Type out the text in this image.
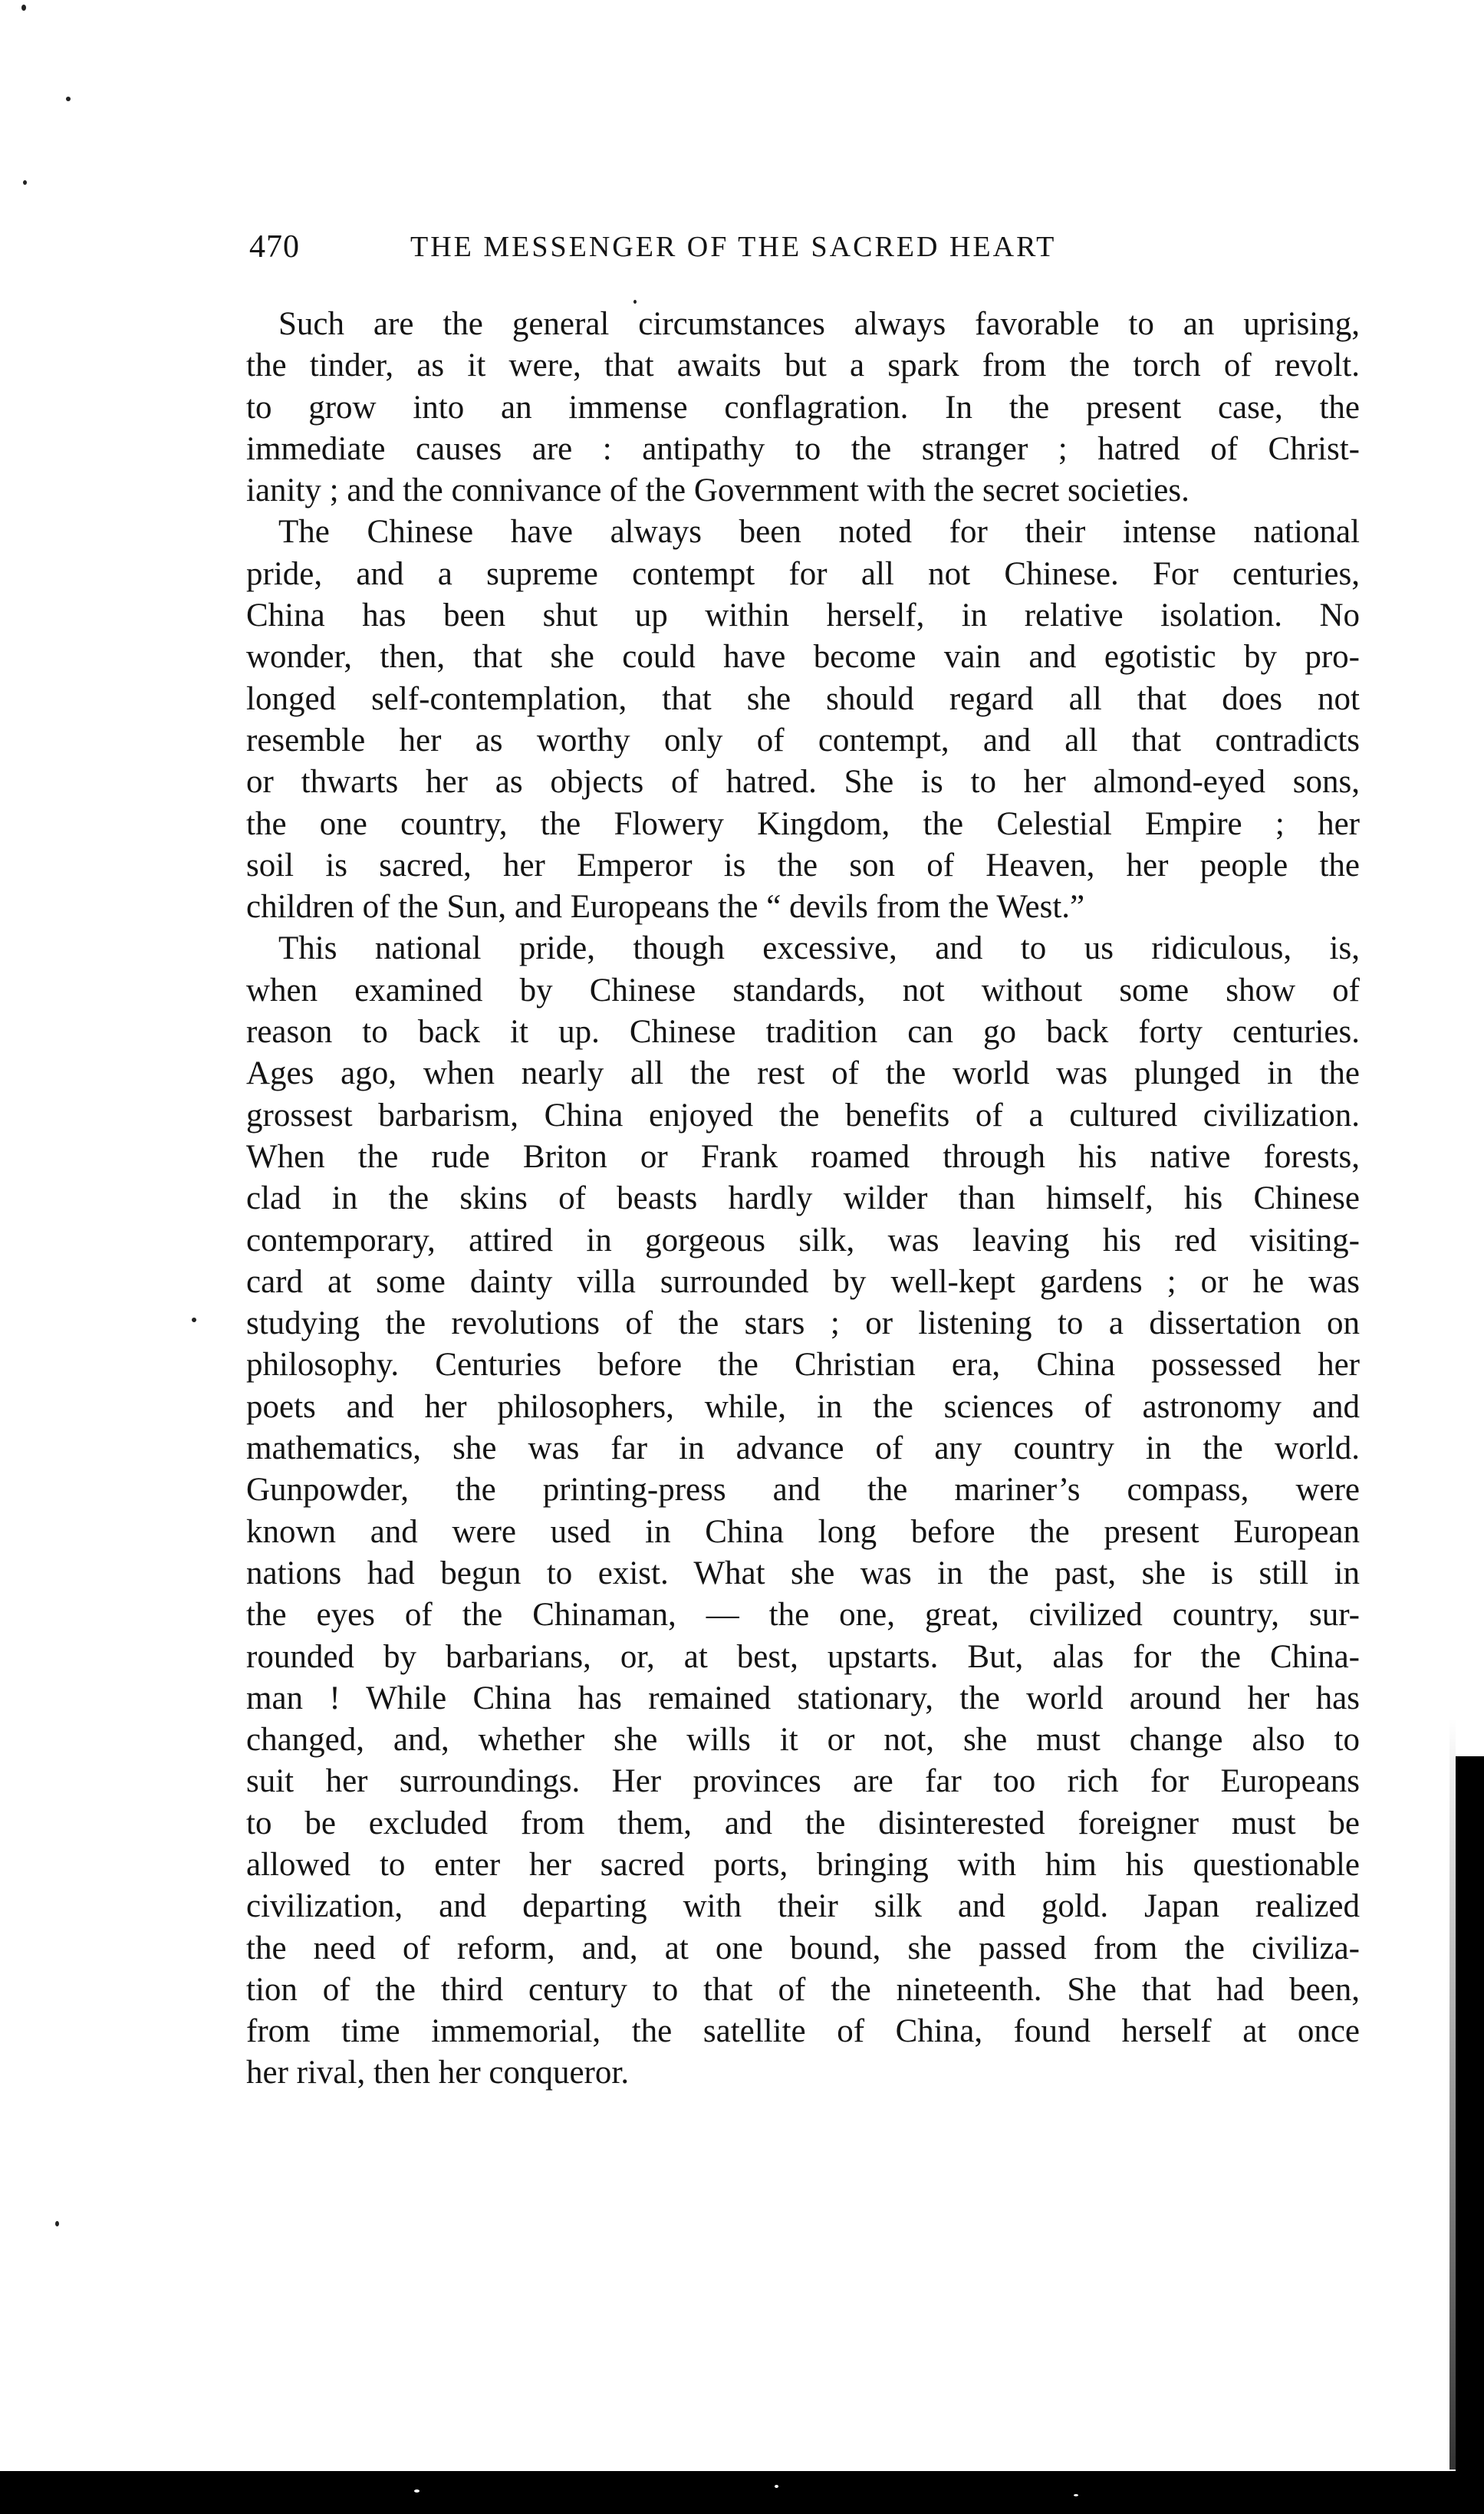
470	THE MESSENGER OF THE SACRED HEART
Such are the general circumstances always favorable to an uprising,
the tinder, as it were, that awaits but a spark from the torch of revolt.
to grow into an immense conflagration. In the present case, the
immediate causes are : antipathy to the stranger ; hatred of Christ-
ianity ; and the connivance of the Government with the secret societies.
The Chinese have always been noted for their intense national
pride, and a supreme contempt for all not Chinese. For centuries,
China has been shut up within herself, in relative isolation. No
wonder, then, that she could have become vain and egotistic by pro-
longed self-contemplation, that she should regard all that does not
resemble her as worthy only of contempt, and all that contradicts
or thwarts her as objects of hatred. She is to her almond-eyed sons,
the one country, the Flowery Kingdom, the Celestial Empire ; her
soil is sacred, her Emperor is the son of Heaven, her people the
children of the Sun, and Europeans the “ devils from the West.”
This national pride, though excessive, and to us ridiculous, is,
when examined by Chinese standards, not without some show of
reason to back it up. Chinese tradition can go back forty centuries.
Ages ago, when nearly all the rest of the world was plunged in the
grossest barbarism, China enjoyed the benefits of a cultured civilization.
When the rude Briton or Frank roamed through his native forests,
clad in the skins of beasts hardly wilder than himself, his Chinese
contemporary, attired in gorgeous silk, was leaving his red visiting-
card at some dainty villa surrounded by well-kept gardens ; or he was
studying the revolutions of the stars ; or listening to a dissertation on
philosophy. Centuries before the Christian era, China possessed her
poets and her philosophers, while, in the sciences of astronomy and
mathematics, she was far in advance of any country in the world.
Gunpowder, the printing-press and the mariner’s compass, were
known and were used in China long before the present European
nations had begun to exist. What she was in the past, she is still in
the eyes of the Chinaman, — the one, great, civilized country, sur-
rounded by barbarians, or, at best, upstarts. But, alas for the China-
man ! While China has remained stationary, the world around her has
changed, and, whether she wills it or not, she must change also to
suit her surroundings. Her provinces are far too rich for Europeans
to be excluded from them, and the disinterested foreigner must be
allowed to enter her sacred ports, bringing with him his questionable
civilization, and departing with their silk and gold. Japan realized
the need of reform, and, at one bound, she passed from the civiliza-
tion of the third century to that of the nineteenth. She that had been,
from time immemorial, the satellite of China, found herself at once
her rival, then her conqueror.
